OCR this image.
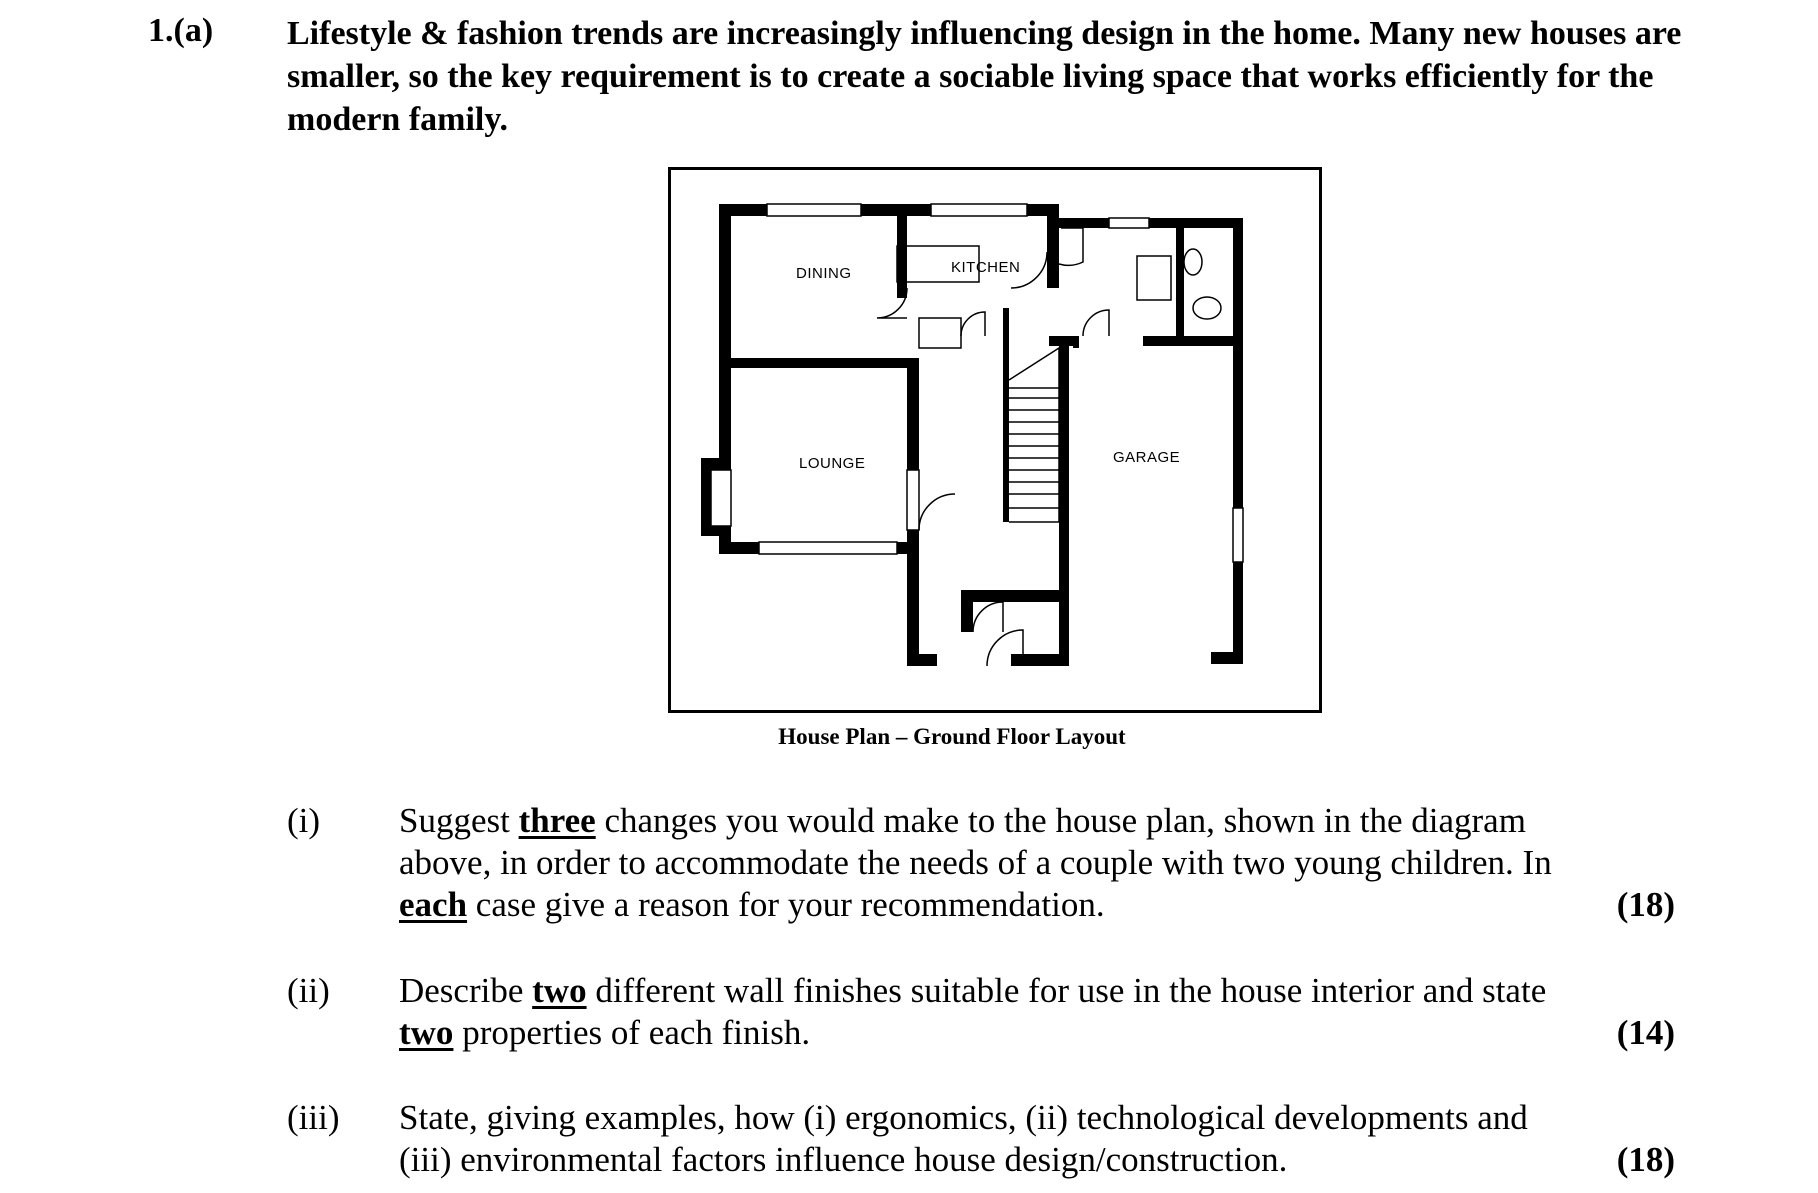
1.(a) Lifestyle & fashion trends are increasingly influencing design in the home. Many new houses are smaller, so the key requirement is to create a sociable living space that works efficiently for the modern family.
DINING	KITCHEN
LOUNGE	GARAGE
House Plan – Ground Floor Layout
(i) Suggest three changes you would make to the house plan, shown in the diagram above, in order to accommodate the needs of a couple with two young children. In each case give a reason for your recommendation.	(18)
(ii) Describe two different wall finishes suitable for use in the house interior and state two properties of each finish.	(14)
(iii) State, giving examples, how (i) ergonomics, (ii) technological developments and (iii) environmental factors influence house design/construction.	(18)
